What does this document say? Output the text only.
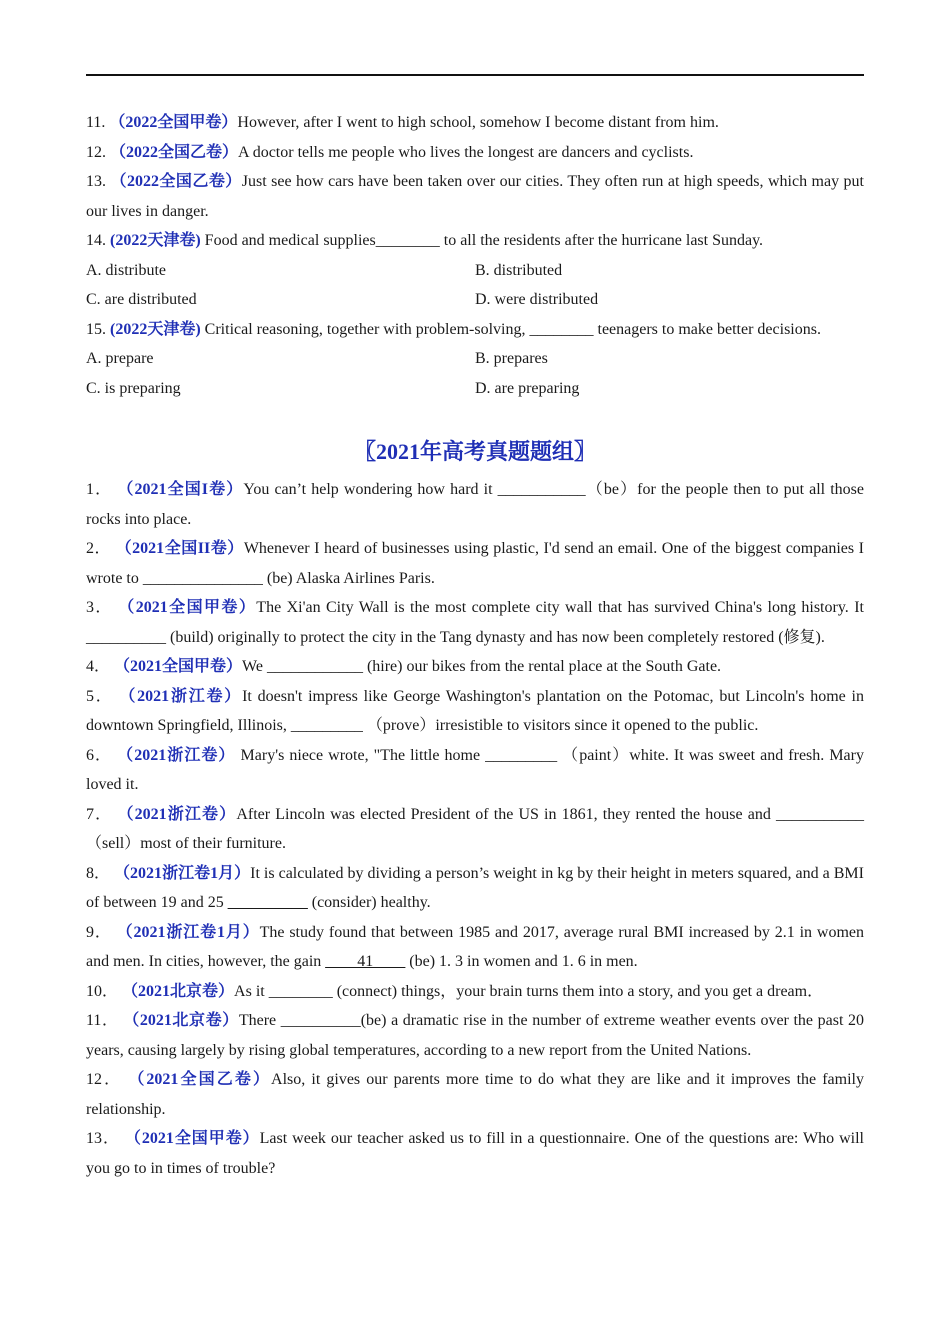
11. （2022全国甲卷）However, after I went to high school, somehow I become distant from him.

12. （2022全国乙卷）A doctor tells me people who lives the longest are dancers and cyclists.

13. （2022全国乙卷）Just see how cars have been taken over our cities. They often run at high speeds, which may put our lives in danger.

14. (2022天津卷) Food and medical supplies________ to all the residents after the hurricane last Sunday.

A. distribute	B. distributed
C. are distributed	D. were distributed

15. (2022天津卷) Critical reasoning, together with problem-solving, ________ teenagers to make better decisions.

A. prepare	B. prepares
C. is preparing	D. are preparing
〖2021年高考真题题组〗

1． （2021全国I卷）You can’t help wondering how hard it ___________（be）for the people then to put all those rocks into place.

2． （2021全国II卷）Whenever I heard of businesses using plastic, I'd send an email. One of the biggest companies I wrote to _______________ (be) Alaska Airlines Paris.

3． （2021全国甲卷）The Xi'an City Wall is the most complete city wall that has survived China's long history. It __________ (build) originally to protect the city in the Tang dynasty and has now been completely restored (修复).

4． （2021全国甲卷）We ____________ (hire) our bikes from the rental place at the South Gate.

5． （2021浙江卷）It doesn't impress like George Washington's plantation on the Potomac, but Lincoln's home in downtown Springfield, Illinois, _________ （prove）irresistible to visitors since it opened to the public.

6． （2021浙江卷） Mary's niece wrote, "The little home _________ （paint）white. It was sweet and fresh. Mary loved it.

7． （2021浙江卷）After Lincoln was elected President of the US in 1861, they rented the house and ___________（sell）most of their furniture.

8． （2021浙江卷1月）It is calculated by dividing a person’s weight in kg by their height in meters squared, and a BMI of between 19 and 25 __________ (consider) healthy.

9． （2021浙江卷1月）The study found that between 1985 and 2017, average rural BMI increased by 2.1 in women and men. In cities, however, the gain ____41____ (be) 1. 3 in women and 1. 6 in men.

10． （2021北京卷）As it ________ (connect) things，your brain turns them into a story, and you get a dream．

11． （2021北京卷）There __________(be) a dramatic rise in the number of extreme weather events over the past 20 years, causing largely by rising global temperatures, according to a new report from the United Nations.

12． （2021全国乙卷）Also, it gives our parents more time to do what they are like and it improves the family relationship.

13． （2021全国甲卷）Last week our teacher asked us to fill in a questionnaire. One of the questions are: Who will you go to in times of trouble?
